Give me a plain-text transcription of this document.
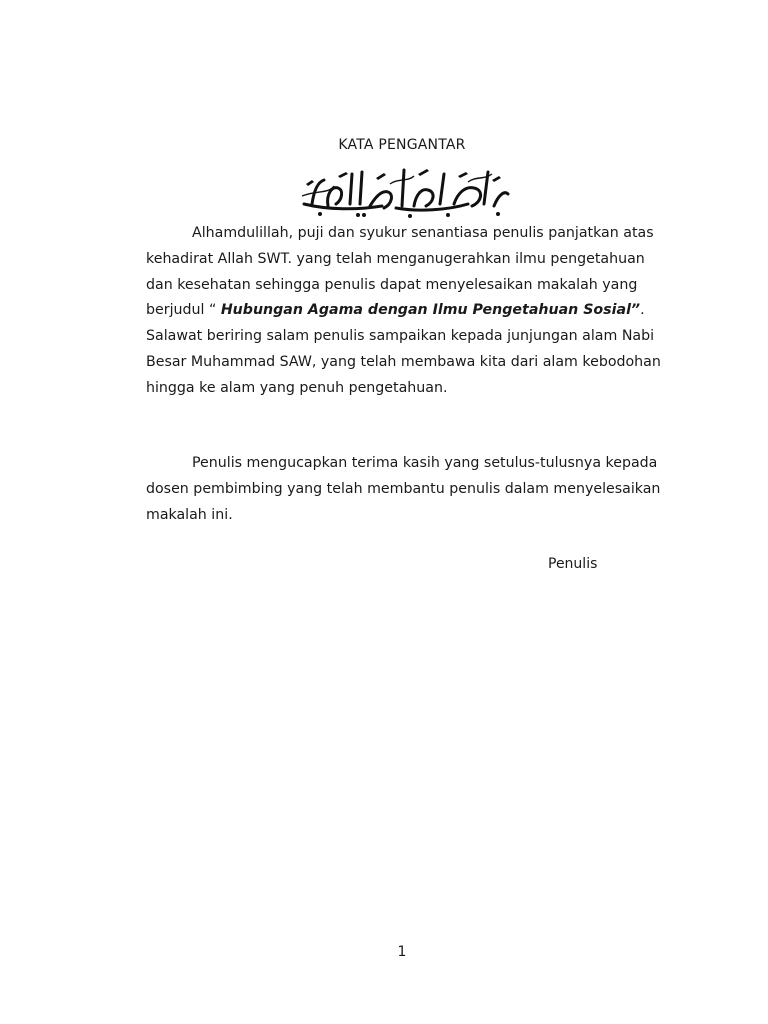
KATA PENGANTAR

Alhamdulillah, puji dan syukur senantiasa penulis panjatkan atas kehadirat Allah SWT. yang telah menganugerahkan ilmu pengetahuan dan kesehatan sehingga penulis dapat menyelesaikan makalah yang berjudul “ Hubungan Agama dengan Ilmu Pengetahuan Sosial”. Salawat beriring salam penulis sampaikan kepada junjungan alam Nabi Besar Muhammad SAW, yang telah membawa kita dari alam kebodohan hingga ke alam yang penuh pengetahuan.

Penulis mengucapkan terima kasih yang setulus-tulusnya kepada dosen pembimbing yang telah membantu penulis dalam menyelesaikan makalah ini.

Penulis
1
